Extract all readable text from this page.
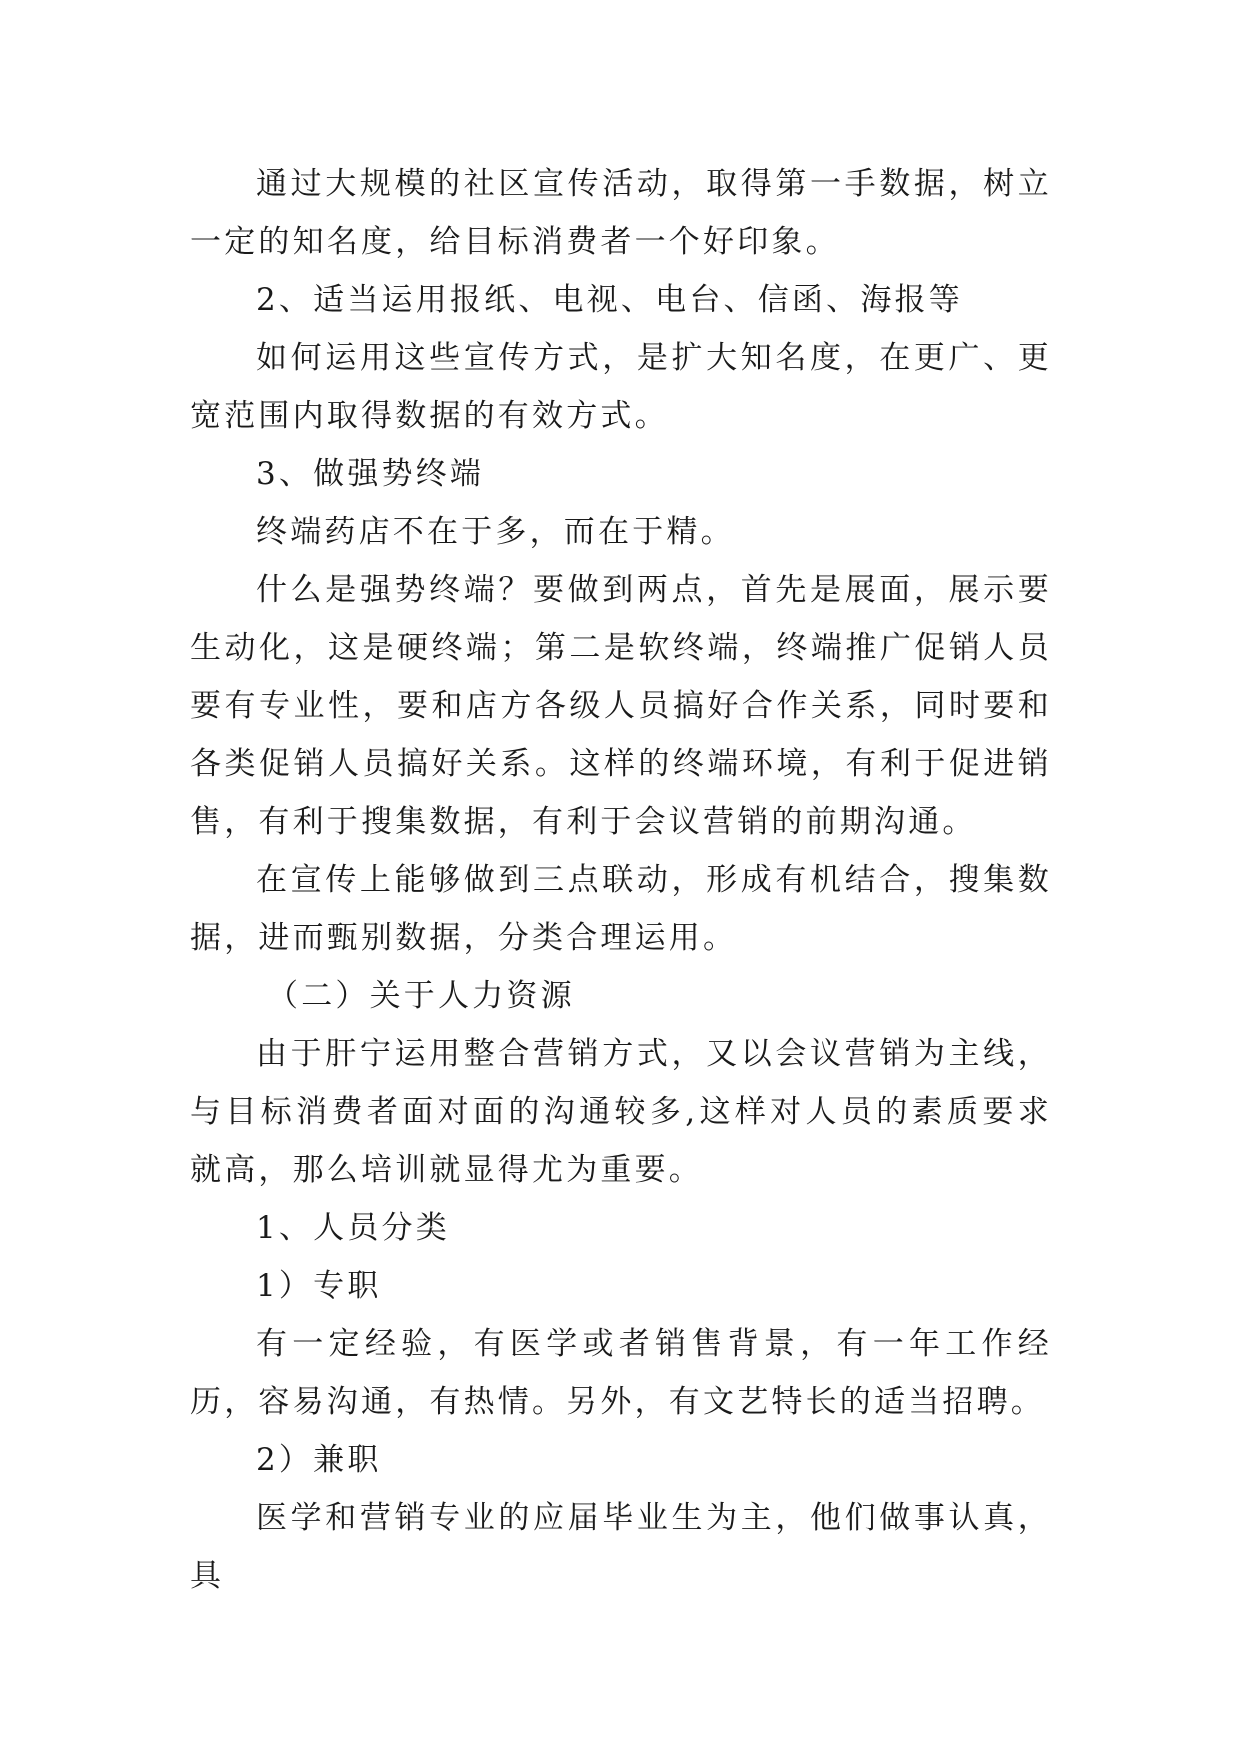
通过大规模的社区宣传活动，取得第一手数据，树立一定的知名度，给目标消费者一个好印象。

2、适当运用报纸、电视、电台、信函、海报等

如何运用这些宣传方式，是扩大知名度，在更广、更宽范围内取得数据的有效方式。

3、做强势终端

终端药店不在于多，而在于精。

什么是强势终端？要做到两点，首先是展面，展示要生动化，这是硬终端；第二是软终端，终端推广促销人员要有专业性，要和店方各级人员搞好合作关系，同时要和各类促销人员搞好关系。这样的终端环境，有利于促进销售，有利于搜集数据，有利于会议营销的前期沟通。

在宣传上能够做到三点联动，形成有机结合，搜集数据，进而甄别数据，分类合理运用。

（二）关于人力资源

由于肝宁运用整合营销方式，又以会议营销为主线，与目标消费者面对面的沟通较多,这样对人员的素质要求就高，那么培训就显得尤为重要。

1、人员分类

1）专职

有一定经验，有医学或者销售背景，有一年工作经历，容易沟通，有热情。另外，有文艺特长的适当招聘。

2）兼职

医学和营销专业的应届毕业生为主，他们做事认真，具
